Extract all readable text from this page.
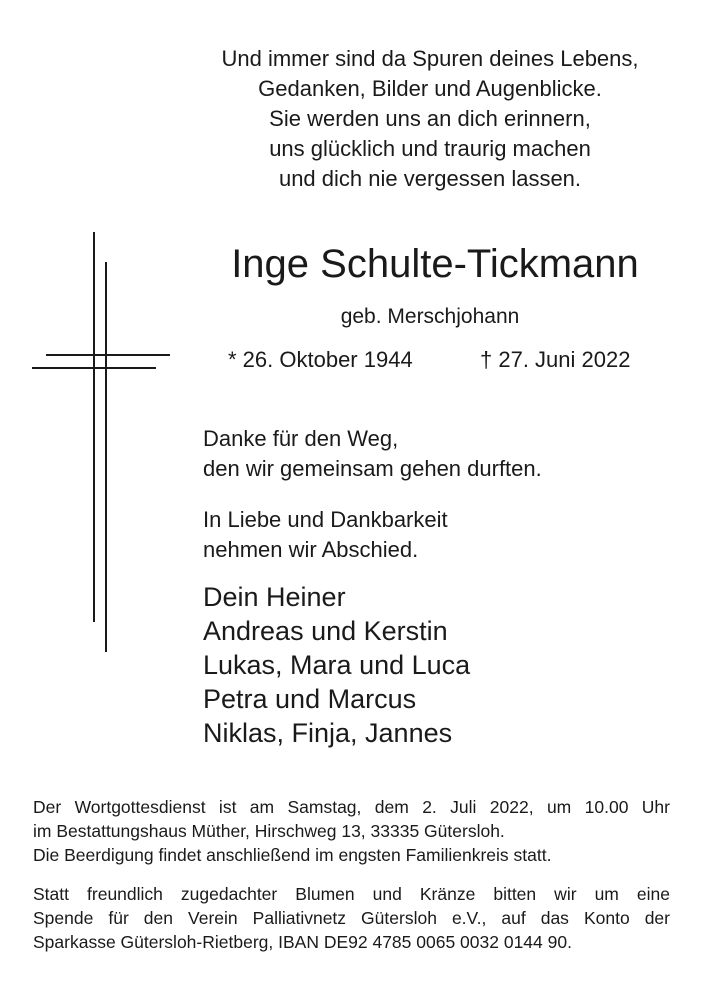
Und immer sind da Spuren deines Lebens,
Gedanken, Bilder und Augenblicke.
Sie werden uns an dich erinnern,
uns glücklich und traurig machen
und dich nie vergessen lassen.
Inge Schulte-Tickmann
geb. Merschjohann
* 26. Oktober 1944	† 27. Juni 2022
Danke für den Weg,
den wir gemeinsam gehen durften.
In Liebe und Dankbarkeit
nehmen wir Abschied.
Dein Heiner
Andreas und Kerstin
Lukas, Mara und Luca
Petra und Marcus
Niklas, Finja, Jannes
Der Wortgottesdienst ist am Samstag, dem 2. Juli 2022, um 10.00 Uhr
im Bestattungshaus Müther, Hirschweg 13, 33335 Gütersloh.
Die Beerdigung findet anschließend im engsten Familienkreis statt.
Statt freundlich zugedachter Blumen und Kränze bitten wir um eine
Spende für den Verein Palliativnetz Gütersloh e.V., auf das Konto der
Sparkasse Gütersloh-Rietberg, IBAN DE92 4785 0065 0032 0144 90.
